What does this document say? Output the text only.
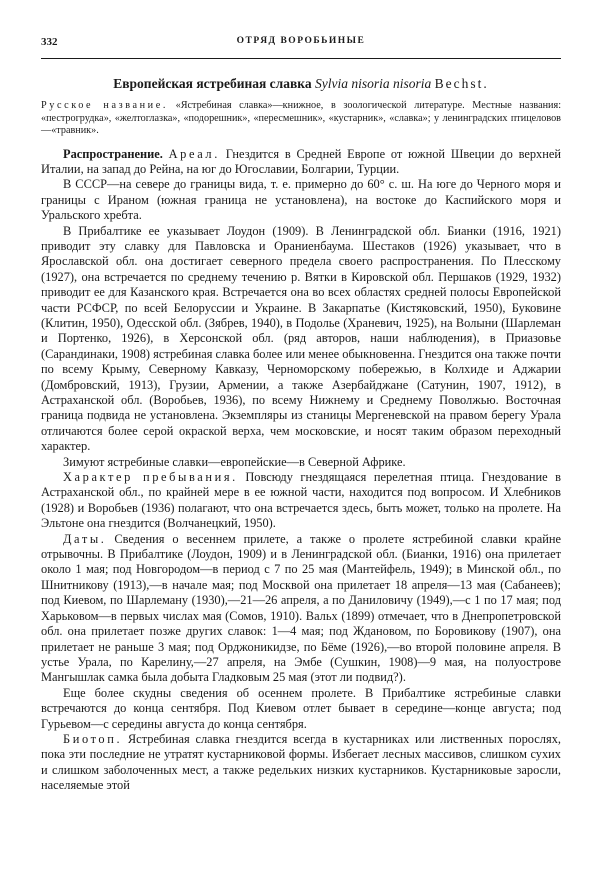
332	ОТРЯД ВОРОБЬИНЫЕ
Европейская ястребиная славка Sylvia nisoria nisoria Bechst.
Русское название. «Ястребиная славка»—книжное, в зоологической литературе. Местные названия: «пестрогрудка», «желтоглазка», «подорешник», «пересмешник», «кустарник», «славка»; у ленинградских птицеловов—«травник».

Распространение. Ареал. Гнездится в Средней Европе от южной Швеции до верхней Италии, на запад до Рейна, на юг до Югославии, Болгарии, Турции.

В СССР—на севере до границы вида, т. е. примерно до 60° с. ш. На юге до Черного моря и границы с Ираном (южная граница не установлена), на востоке до Каспийского моря и Уральского хребта.

В Прибалтике ее указывает Лоудон (1909). В Ленинградской обл. Бианки (1916, 1921) приводит эту славку для Павловска и Ораниенбаума. Шестаков (1926) указывает, что в Ярославской обл. она достигает северного предела своего распространения. По Плесскому (1927), она встречается по среднему течению р. Вятки в Кировской обл. Першаков (1929, 1932) приводит ее для Казанского края. Встречается она во всех областях средней полосы Европейской части РСФСР, по всей Белоруссии и Украине. В Закарпатье (Кистяковский, 1950), Буковине (Клитин, 1950), Одесской обл. (Зябрев, 1940), в Подолье (Храневич, 1925), на Волыни (Шарлеман и Портенко, 1926), в Херсонской обл. (ряд авторов, наши наблюдения), в Приазовье (Сарандинаки, 1908) ястребиная славка более или менее обыкновенна. Гнездится она также почти по всему Крыму, Северному Кавказу, Черноморскому побережью, в Колхиде и Аджарии (Домбровский, 1913), Грузии, Армении, а также Азербайджане (Сатунин, 1907, 1912), в Астраханской обл. (Воробьев, 1936), по всему Нижнему и Среднему Поволжью. Восточная граница подвида не установлена. Экземпляры из станицы Мергеневской на правом берегу Урала отличаются более серой окраской верха, чем московские, и носят таким образом переходный характер.

Зимуют ястребиные славки—европейские—в Северной Африке.

Характер пребывания. Повсюду гнездящаяся перелетная птица. Гнездование в Астраханской обл., по крайней мере в ее южной части, находится под вопросом. И Хлебников (1928) и Воробьев (1936) полагают, что она встречается здесь, быть может, только на пролете. На Эльтоне она гнездится (Волчанецкий, 1950).

Даты. Сведения о весеннем прилете, а также о пролете ястребиной славки крайне отрывочны. В Прибалтике (Лоудон, 1909) и в Ленинградской обл. (Бианки, 1916) она прилетает около 1 мая; под Новгородом—в период с 7 по 25 мая (Мантейфель, 1949); в Минской обл., по Шнитникову (1913),—в начале мая; под Москвой она прилетает 18 апреля—13 мая (Сабанеев); под Киевом, по Шарлеману (1930),—21—26 апреля, а по Даниловичу (1949),—с 1 по 17 мая; под Харьковом—в первых числах мая (Сомов, 1910). Вальх (1899) отмечает, что в Днепропетровской обл. она прилетает позже других славок: 1—4 мая; под Ждановом, по Боровикову (1907), она прилетает не раньше 3 мая; под Орджоникидзе, по Бёме (1926),—во второй половине апреля. В устье Урала, по Карелину,—27 апреля, на Эмбе (Сушкин, 1908)—9 мая, на полуострове Мангышлак самка была добыта Гладковым 25 мая (этот ли подвид?).

Еще более скудны сведения об осеннем пролете. В Прибалтике ястребиные славки встречаются до конца сентября. Под Киевом отлет бывает в середине—конце августа; под Гурьевом—с середины августа до конца сентября.

Биотоп. Ястребиная славка гнездится всегда в кустарниках или лиственных порослях, пока эти последние не утратят кустарниковой формы. Избегает лесных массивов, слишком сухих и слишком заболоченных мест, а также редельких низких кустарников. Кустарниковые заросли, населяемые этой
